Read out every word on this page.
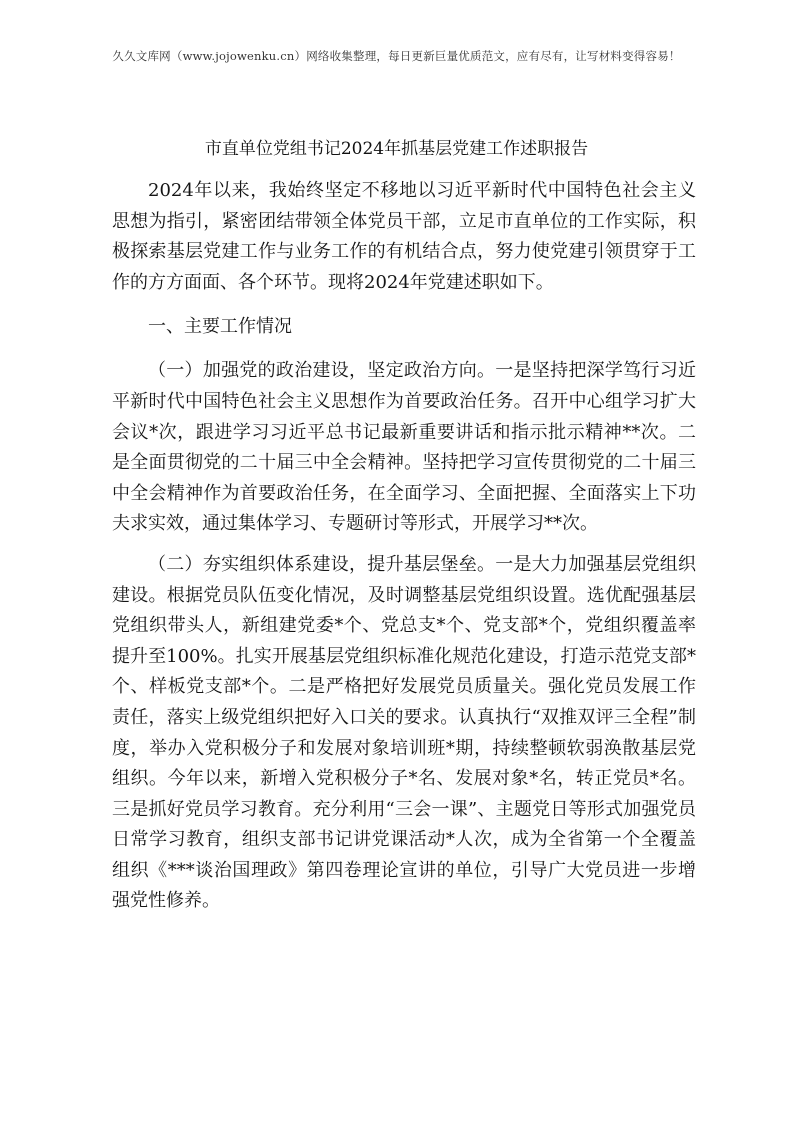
久久文库网（www.jojowenku.cn）网络收集整理，每日更新巨量优质范文，应有尽有，让写材料变得容易！
市直单位党组书记2024年抓基层党建工作述职报告

2024年以来，我始终坚定不移地以习近平新时代中国特色社会主义思想为指引，紧密团结带领全体党员干部，立足市直单位的工作实际，积极探索基层党建工作与业务工作的有机结合点，努力使党建引领贯穿于工作的方方面面、各个环节。现将2024年党建述职如下。

一、主要工作情况

（一）加强党的政治建设，坚定政治方向。一是坚持把深学笃行习近平新时代中国特色社会主义思想作为首要政治任务。召开中心组学习扩大会议*次，跟进学习习近平总书记最新重要讲话和指示批示精神**次。二是全面贯彻党的二十届三中全会精神。坚持把学习宣传贯彻党的二十届三中全会精神作为首要政治任务，在全面学习、全面把握、全面落实上下功夫求实效，通过集体学习、专题研讨等形式，开展学习**次。

（二）夯实组织体系建设，提升基层堡垒。一是大力加强基层党组织建设。根据党员队伍变化情况，及时调整基层党组织设置。选优配强基层党组织带头人，新组建党委*个、党总支*个、党支部*个，党组织覆盖率提升至100%。扎实开展基层党组织标准化规范化建设，打造示范党支部*个、样板党支部*个。二是严格把好发展党员质量关。强化党员发展工作责任，落实上级党组织把好入口关的要求。认真执行“双推双评三全程”制度，举办入党积极分子和发展对象培训班*期，持续整顿软弱涣散基层党组织。今年以来，新增入党积极分子*名、发展对象*名，转正党员*名。三是抓好党员学习教育。充分利用“三会一课”、主题党日等形式加强党员日常学习教育，组织支部书记讲党课活动*人次，成为全省第一个全覆盖组织《***谈治国理政》第四卷理论宣讲的单位，引导广大党员进一步增强党性修养。
